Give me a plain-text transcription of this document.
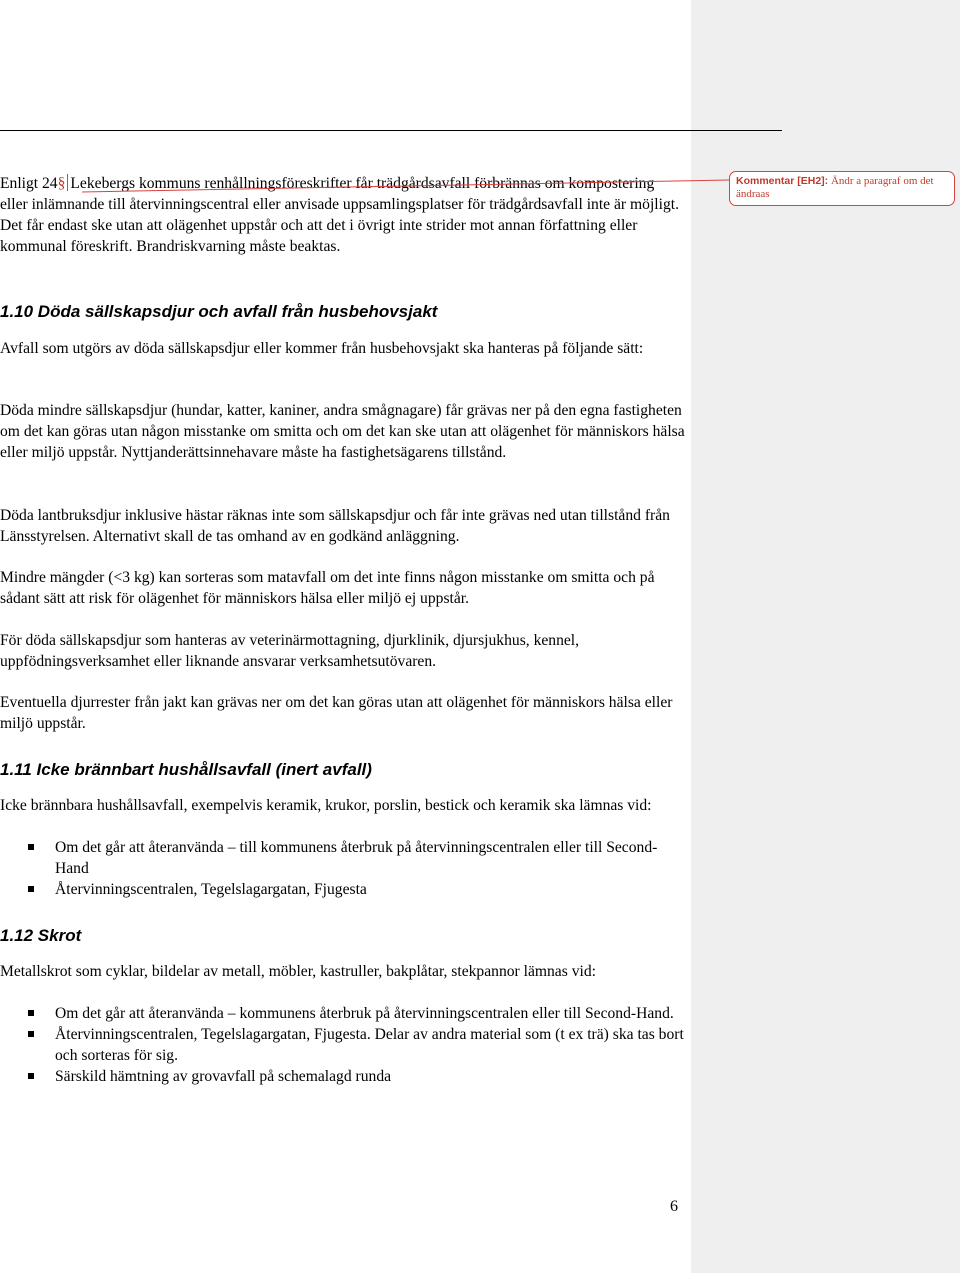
Enligt 24§ Lekebergs kommuns renhållningsföreskrifter får trädgårdsavfall förbrännas om kompostering eller inlämnande till återvinningscentral eller anvisade uppsamlingsplatser för trädgårdsavfall inte är möjligt. Det får endast ske utan att olägenhet uppstår och att det i övrigt inte strider mot annan författning eller kommunal föreskrift. Brandriskvarning måste beaktas.
Kommentar [EH2]: Ändr a paragraf om det ändraas
1.10 Döda sällskapsdjur och avfall från husbehovsjakt
Avfall som utgörs av döda sällskapsdjur eller kommer från husbehovsjakt ska hanteras på följande sätt:
Döda mindre sällskapsdjur (hundar, katter, kaniner, andra smågnagare) får grävas ner på den egna fastigheten om det kan göras utan någon misstanke om smitta och om det kan ske utan att olägenhet för människors hälsa eller miljö uppstår. Nyttjanderättsinnehavare måste ha fastighetsägarens tillstånd.
Döda lantbruksdjur inklusive hästar räknas inte som sällskapsdjur och får inte grävas ned utan tillstånd från Länsstyrelsen. Alternativt skall de tas omhand av en godkänd anläggning.
Mindre mängder (<3 kg) kan sorteras som matavfall om det inte finns någon misstanke om smitta och på sådant sätt att risk för olägenhet för människors hälsa eller miljö ej uppstår.
För döda sällskapsdjur som hanteras av veterinärmottagning, djurklinik, djursjukhus, kennel, uppfödningsverksamhet eller liknande ansvarar verksamhetsutövaren.
Eventuella djurrester från jakt kan grävas ner om det kan göras utan att olägenhet för människors hälsa eller miljö uppstår.
1.11 Icke brännbart hushållsavfall (inert avfall)
Icke brännbara hushållsavfall, exempelvis keramik, krukor, porslin, bestick och keramik ska lämnas vid:
Om det går att återanvända – till kommunens återbruk på återvinningscentralen eller till Second-Hand
Återvinningscentralen, Tegelslagargatan, Fjugesta
1.12 Skrot
Metallskrot som cyklar, bildelar av metall, möbler, kastruller, bakplåtar, stekpannor lämnas vid:
Om det går att återanvända – kommunens återbruk på återvinningscentralen eller till Second-Hand.
Återvinningscentralen, Tegelslagargatan, Fjugesta. Delar av andra material som (t ex trä) ska tas bort och sorteras för sig.
Särskild hämtning av grovavfall på schemalagd runda
6
